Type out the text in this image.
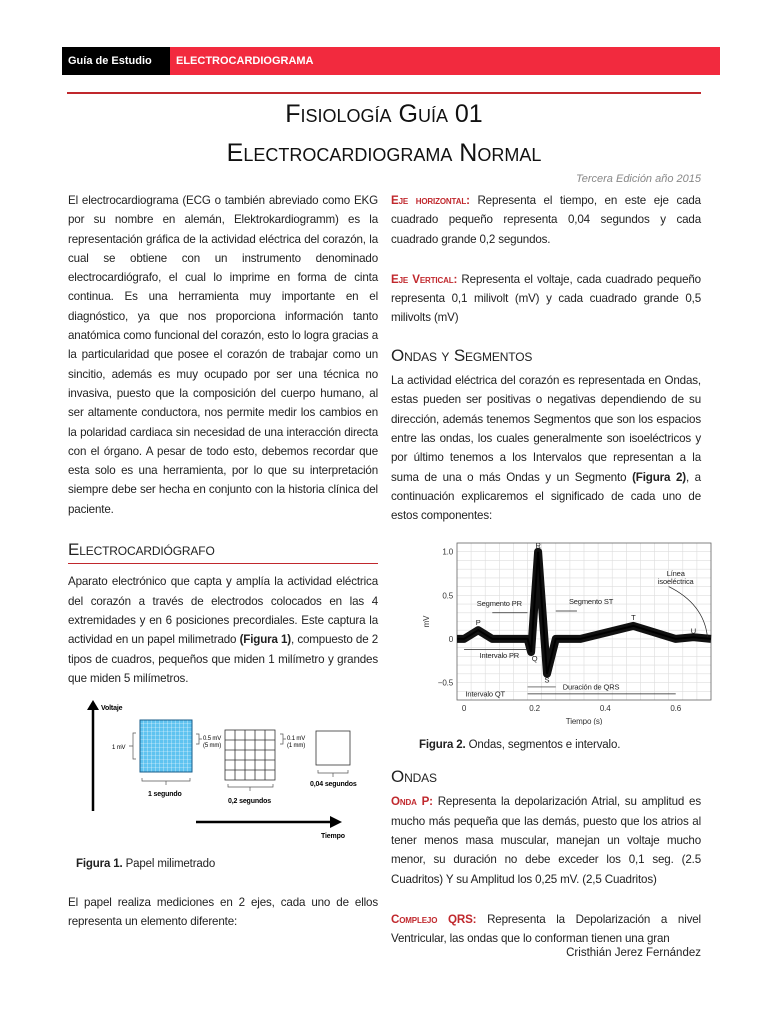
Guía de Estudio	ELECTROCARDIOGRAMA
Fisiología Guía 01
Electrocardiograma Normal
Tercera Edición año 2015

El electrocardiograma (ECG o también abreviado como EKG por su nombre en alemán, Elektrokardiogramm) es la representación gráfica de la actividad eléctrica del corazón, la cual se obtiene con un instrumento denominado electrocardiógrafo, el cual lo imprime en forma de cinta continua. Es una herramienta muy importante en el diagnóstico, ya que nos proporciona información tanto anatómica como funcional del corazón, esto lo logra gracias a la particularidad que posee el corazón de trabajar como un sincitio, además es muy ocupado por ser una técnica no invasiva, puesto que la composición del cuerpo humano, al ser altamente conductora, nos permite medir los cambios en la polaridad cardiaca sin necesidad de una interacción directa con el órgano. A pesar de todo esto, debemos recordar que esta solo es una herramienta, por lo que su interpretación siempre debe ser hecha en conjunto con la historia clínica del paciente.

Electrocardiógrafo

Aparato electrónico que capta y amplía la actividad eléctrica del corazón a través de electrodos colocados en las 4 extremidades y en 6 posiciones precordiales. Este captura la actividad en un papel milimetrado (Figura 1), compuesto de 2 tipos de cuadros, pequeños que miden 1 milímetro y grandes que miden 5 milímetros.

Voltaje
1 mV
1 segundo
0.5 mV
(5 mm)
0,2 segundos
0.1 mV
(1 mm)
0,04 segundos
Tiempo
Figura 1. Papel milimetrado

El papel realiza mediciones en 2 ejes, cada uno de ellos representa un elemento diferente:

Eje horizontal: Representa el tiempo, en este eje cada cuadrado pequeño representa 0,04 segundos y cada cuadrado grande 0,2 segundos.

Eje Vertical: Representa el voltaje, cada cuadrado pequeño representa 0,1 milivolt (mV) y cada cuadrado grande 0,5 milivolts (mV)

Ondas y Segmentos

La actividad eléctrica del corazón es representada en Ondas, estas pueden ser positivas o negativas dependiendo de su dirección, además tenemos Segmentos que son los espacios entre las ondas, los cuales generalmente son isoeléctricos y por último tenemos a los Intervalos que representan a la suma de una o más Ondas y un Segmento (Figura 2), a continuación explicaremos el significado de cada uno de estos componentes:

0	0.2	0.4	0.6
1.0
0.5
0
−0.5
Tiempo (s)
mV	P
R
Q
S
T
U
Segmento PR	Segmento ST
Intervalo PR
Intervalo QT
Duración de QRS
Línea
isoeléctrica
Figura 2. Ondas, segmentos e intervalo.
Ondas

Onda P: Representa la depolarización Atrial, su amplitud es mucho más pequeña que las demás, puesto que los atrios al tener menos masa muscular, manejan un voltaje mucho menor, su duración no debe exceder los 0,1 seg. (2.5 Cuadritos) Y su Amplitud los 0,25 mV. (2,5 Cuadritos)

Complejo QRS: Representa la Depolarización a nivel Ventricular, las ondas que lo conforman tienen una gran

Cristhián Jerez Fernández
